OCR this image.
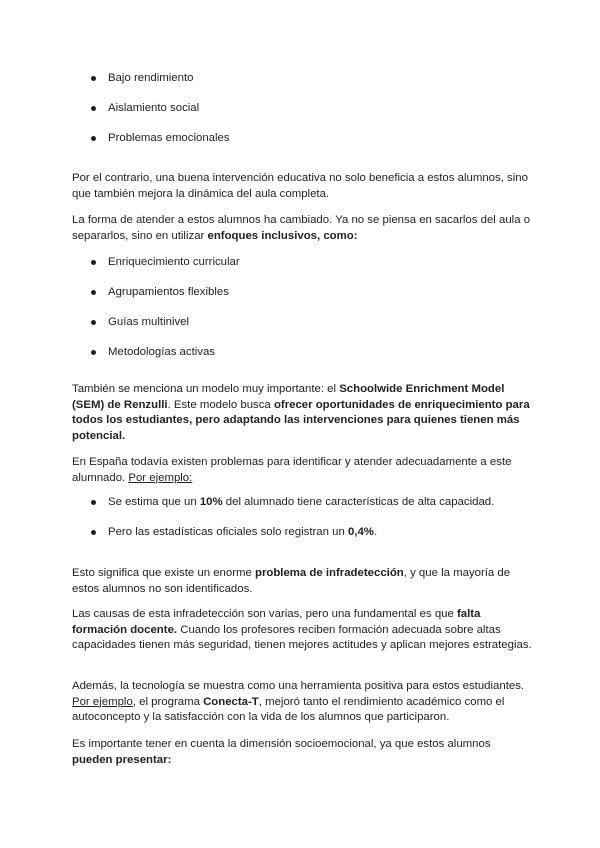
Bajo rendimiento
Aislamiento social
Problemas emocionales

Por el contrario, una buena intervención educativa no solo beneficia a estos alumnos, sino que también mejora la dinámica del aula completa.

La forma de atender a estos alumnos ha cambiado. Ya no se piensa en sacarlos del aula o separarlos, sino en utilizar enfoques inclusivos, como:

Enriquecimiento curricular
Agrupamientos flexibles
Guías multinivel
Metodologías activas

También se menciona un modelo muy importante: el Schoolwide Enrichment Model (SEM) de Renzulli. Este modelo busca ofrecer oportunidades de enriquecimiento para todos los estudiantes, pero adaptando las intervenciones para quienes tienen más potencial.

En España todavía existen problemas para identificar y atender adecuadamente a este alumnado. Por ejemplo:

Se estima que un 10% del alumnado tiene características de alta capacidad.
Pero las estadísticas oficiales solo registran un 0,4%.

Esto significa que existe un enorme problema de infradetección, y que la mayoría de estos alumnos no son identificados.

Las causas de esta infradetección son varias, pero una fundamental es que falta formación docente. Cuando los profesores reciben formación adecuada sobre altas capacidades tienen más seguridad, tienen mejores actitudes y aplican mejores estrategias.

Además, la tecnología se muestra como una herramienta positiva para estos estudiantes. Por ejemplo, el programa Conecta-T, mejoró tanto el rendimiento académico como el autoconcepto y la satisfacción con la vida de los alumnos que participaron.

Es importante tener en cuenta la dimensión socioemocional, ya que estos alumnos pueden presentar:
